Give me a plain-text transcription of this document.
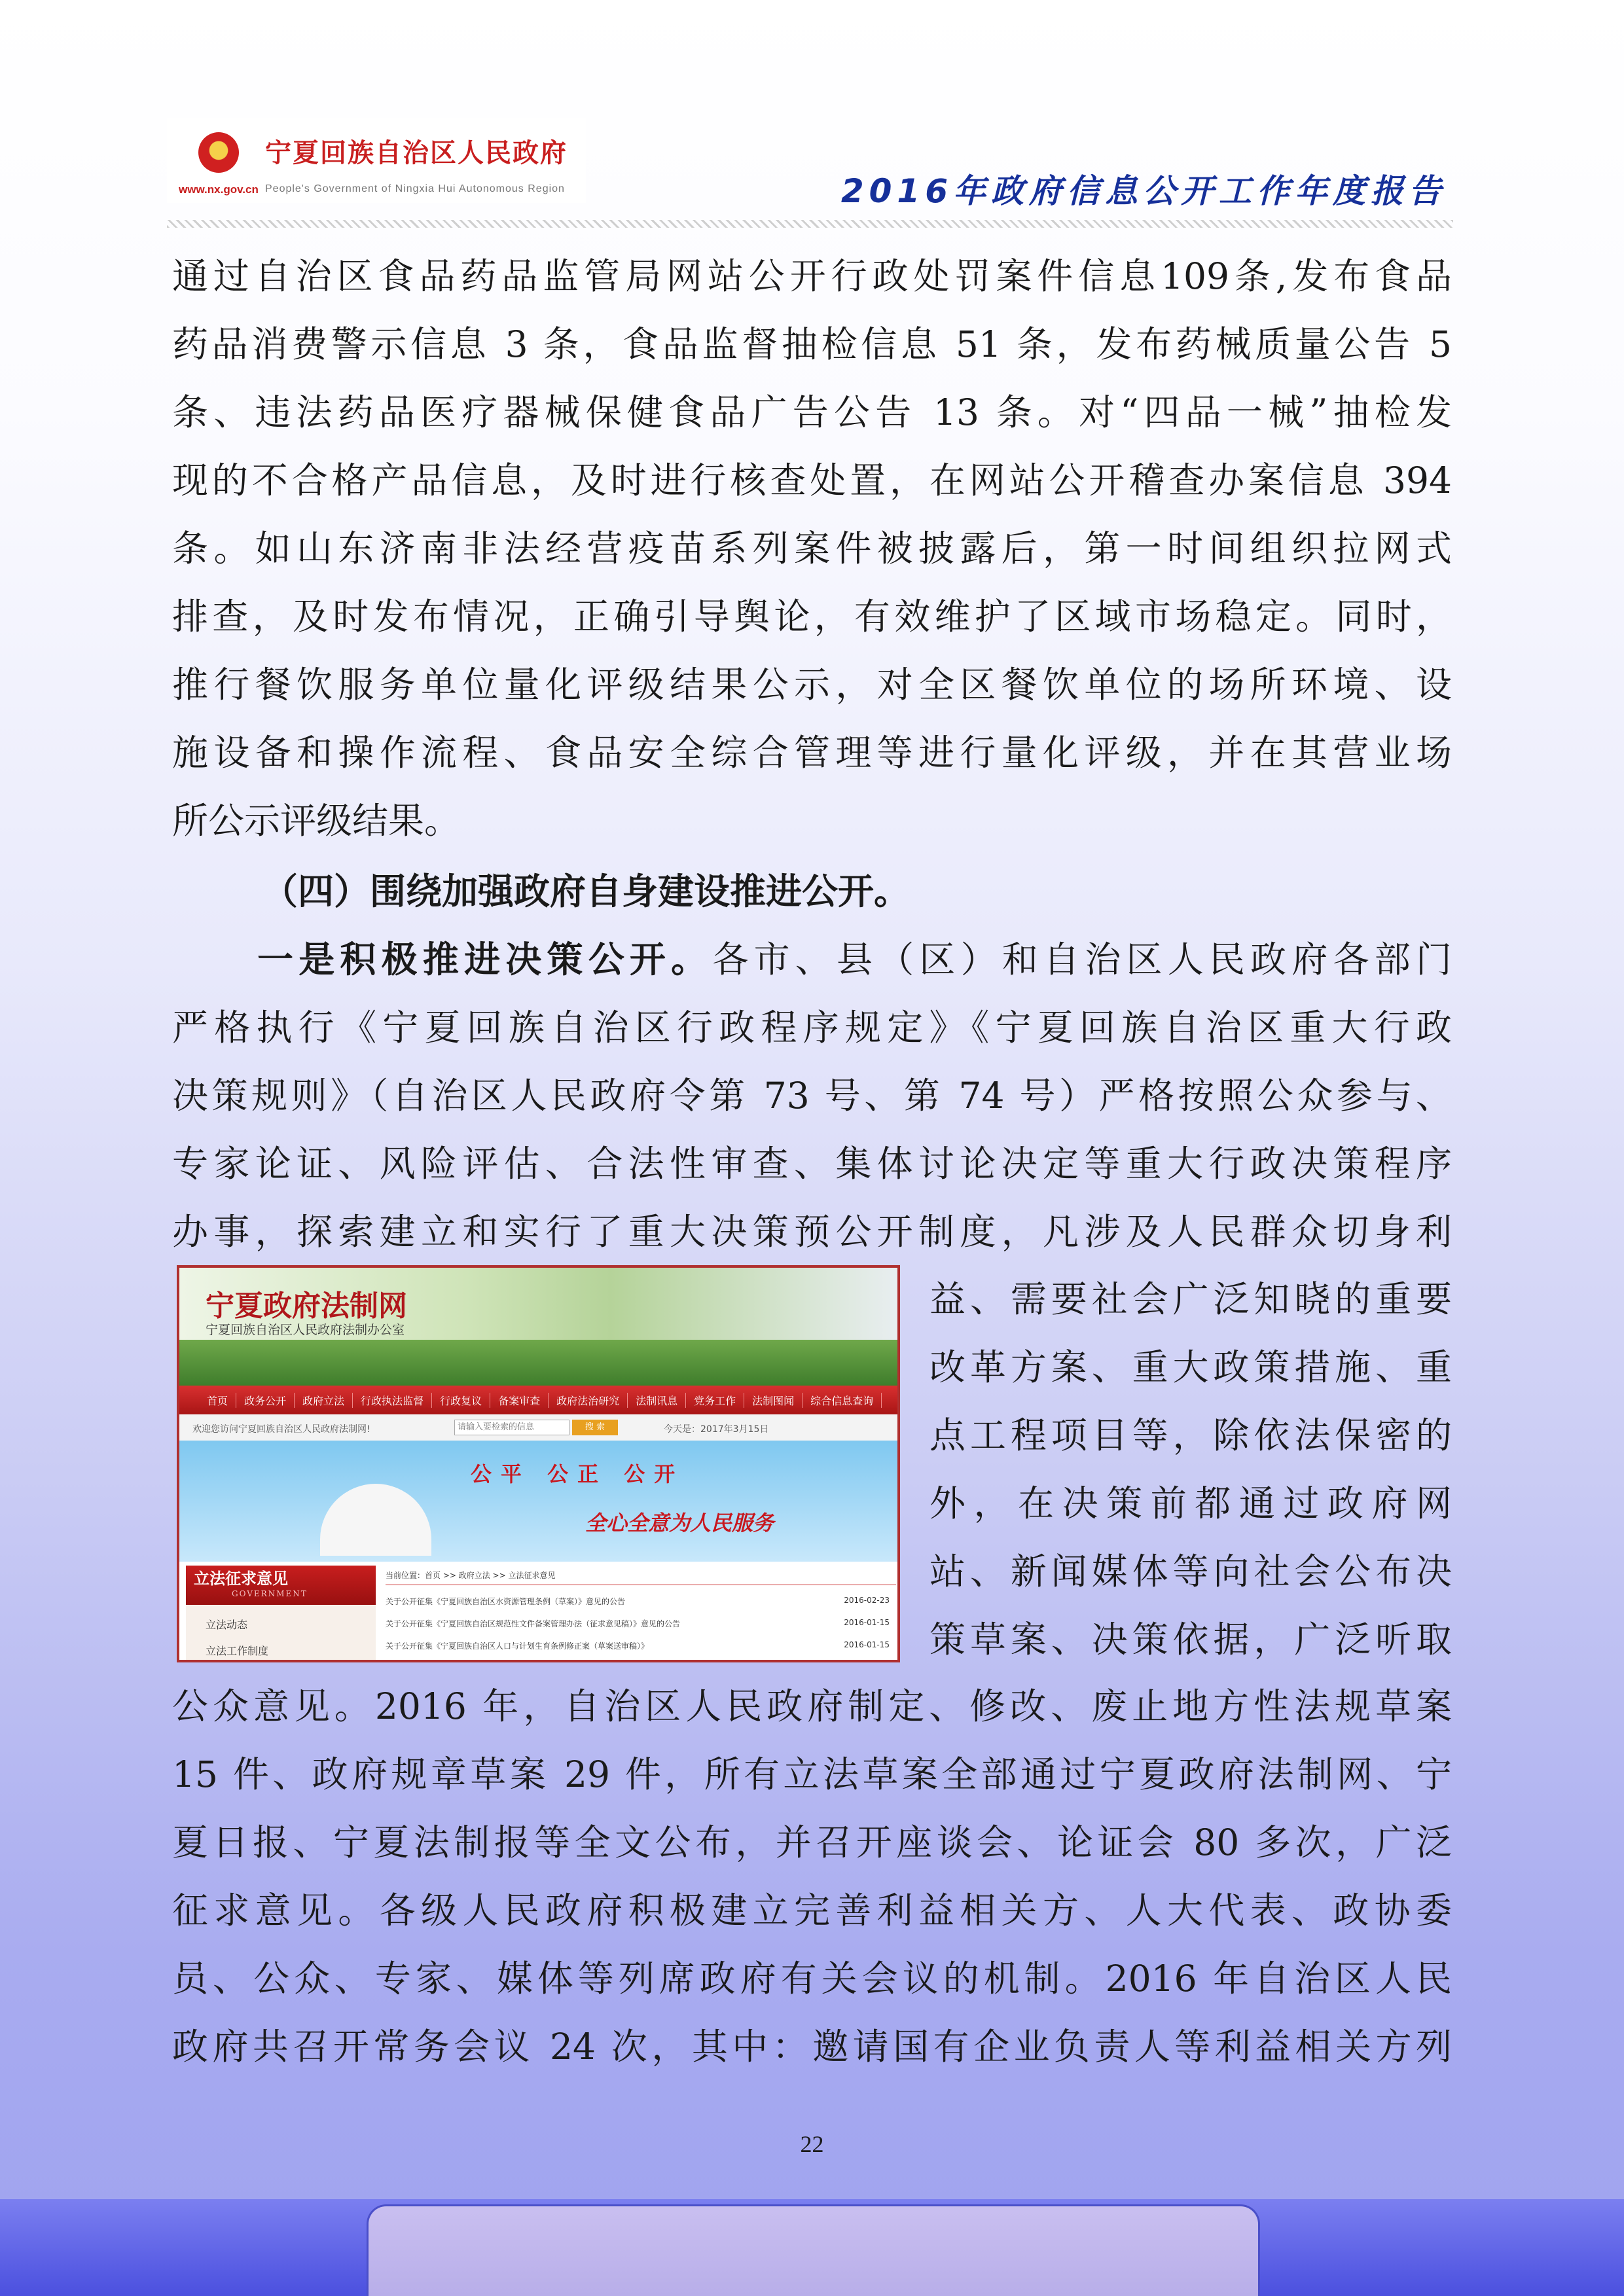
宁夏回族自治区人民政府
www.nx.gov.cn People's Government of Ningxia Hui Autonomous Region	2016年政府信息公开工作年度报告
通过自治区食品药品监管局网站公开行政处罚案件信息109条,发布食品
药品消费警示信息 3 条，食品监督抽检信息 51 条，发布药械质量公告 5
条、违法药品医疗器械保健食品广告公告 13 条。对“四品一械”抽检发
现的不合格产品信息，及时进行核查处置，在网站公开稽查办案信息 394
条。如山东济南非法经营疫苗系列案件被披露后，第一时间组织拉网式
排查，及时发布情况，正确引导舆论，有效维护了区域市场稳定。同时，
推行餐饮服务单位量化评级结果公示，对全区餐饮单位的场所环境、设
施设备和操作流程、食品安全综合管理等进行量化评级，并在其营业场
所公示评级结果。
（四）围绕加强政府自身建设推进公开。
一是积极推进决策公开。各市、县（区）和自治区人民政府各部门
严格执行《宁夏回族自治区行政程序规定》《宁夏回族自治区重大行政
决策规则》（自治区人民政府令第 73 号、第 74 号）严格按照公众参与、
专家论证、风险评估、合法性审查、集体讨论决定等重大行政决策程序
办事，探索建立和实行了重大决策预公开制度，凡涉及人民群众切身利
宁夏政府法制网
宁夏回族自治区人民政府法制办公室
首页	政务公开	政府立法	行政执法监督	行政复议	备案审查	政府法治研究	法制讯息	党务工作	法制图闻	综合信息查询
欢迎您访问宁夏回族自治区人民政府法制网!	请输入要检索的信息	搜 索	今天是：2017年3月15日
公平 公正 公开
全心全意为人民服务
立法征求意见
GOVERNMENT
立法动态
立法工作制度
当前位置：首页 >> 政府立法 >> 立法征求意见
关于公开征集《宁夏回族自治区水资源管理条例（草案）》意见的公告	2016-02-23
关于公开征集《宁夏回族自治区规范性文件备案管理办法（征求意见稿）》意见的公告	2016-01-15
关于公开征集《宁夏回族自治区人口与计划生育条例修正案（草案送审稿）》	2016-01-15
益、需要社会广泛知晓的重要
改革方案、重大政策措施、重
点工程项目等，除依法保密的
外，在决策前都通过政府网
站、新闻媒体等向社会公布决
策草案、决策依据，广泛听取
公众意见。2016 年，自治区人民政府制定、修改、废止地方性法规草案
15 件、政府规章草案 29 件，所有立法草案全部通过宁夏政府法制网、宁
夏日报、宁夏法制报等全文公布，并召开座谈会、论证会 80 多次，广泛
征求意见。各级人民政府积极建立完善利益相关方、人大代表、政协委
员、公众、专家、媒体等列席政府有关会议的机制。2016 年自治区人民
政府共召开常务会议 24 次，其中：邀请国有企业负责人等利益相关方列
22
